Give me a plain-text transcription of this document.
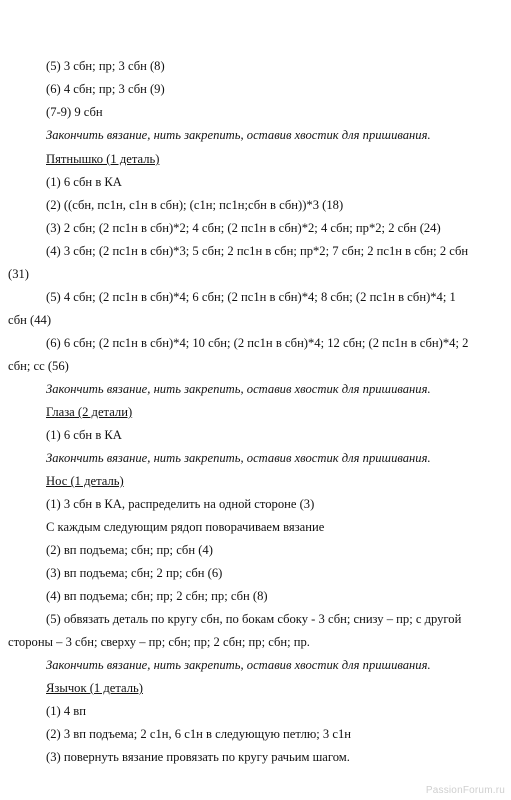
(5) 3 сбн; пр; 3 сбн (8)
(6) 4 сбн; пр; 3 сбн (9)
(7-9) 9 сбн
Закончить вязание, нить закрепить, оставив хвостик для пришивания.
Пятнышко (1 деталь)
(1) 6 сбн в КА
(2) ((сбн, пс1н, с1н в сбн); (с1н; пс1н;сбн в сбн))*3 (18)
(3) 2 сбн; (2 пс1н в сбн)*2; 4 сбн; (2 пс1н в сбн)*2; 4 сбн; пр*2; 2 сбн (24)
(4) 3 сбн; (2 пс1н в сбн)*3; 5 сбн; 2 пс1н в сбн; пр*2; 7 сбн; 2 пс1н в сбн; 2 сбн
(31)
(5) 4 сбн; (2 пс1н в сбн)*4; 6 сбн; (2 пс1н в сбн)*4; 8 сбн; (2 пс1н в сбн)*4; 1
сбн (44)
(6) 6 сбн; (2 пс1н в сбн)*4; 10 сбн; (2 пс1н в сбн)*4; 12 сбн; (2 пс1н в сбн)*4; 2
сбн; сс (56)
Закончить вязание, нить закрепить, оставив хвостик для пришивания.
Глаза (2 детали)
(1) 6 сбн в КА
Закончить вязание, нить закрепить, оставив хвостик для пришивания.
Нос (1 деталь)
(1) 3 сбн в КА, распределить на одной стороне (3)
С каждым следующим рядоп поворачиваем вязание
(2) вп подъема; сбн; пр; сбн (4)
(3) вп подъема; сбн; 2 пр; сбн (6)
(4) вп подъема; сбн; пр; 2 сбн; пр; сбн (8)
(5) обвязать деталь по кругу сбн, по бокам сбоку - 3 сбн; снизу – пр; с другой
стороны – 3 сбн; сверху – пр; сбн; пр; 2 сбн; пр; сбн; пр.
Закончить вязание, нить закрепить, оставив хвостик для пришивания.
Язычок (1 деталь)
(1) 4 вп
(2) 3 вп подъема; 2 с1н, 6 с1н в следующую петлю; 3 с1н
(3) повернуть вязание провязать по кругу рачьим шагом.
PassionForum.ru
